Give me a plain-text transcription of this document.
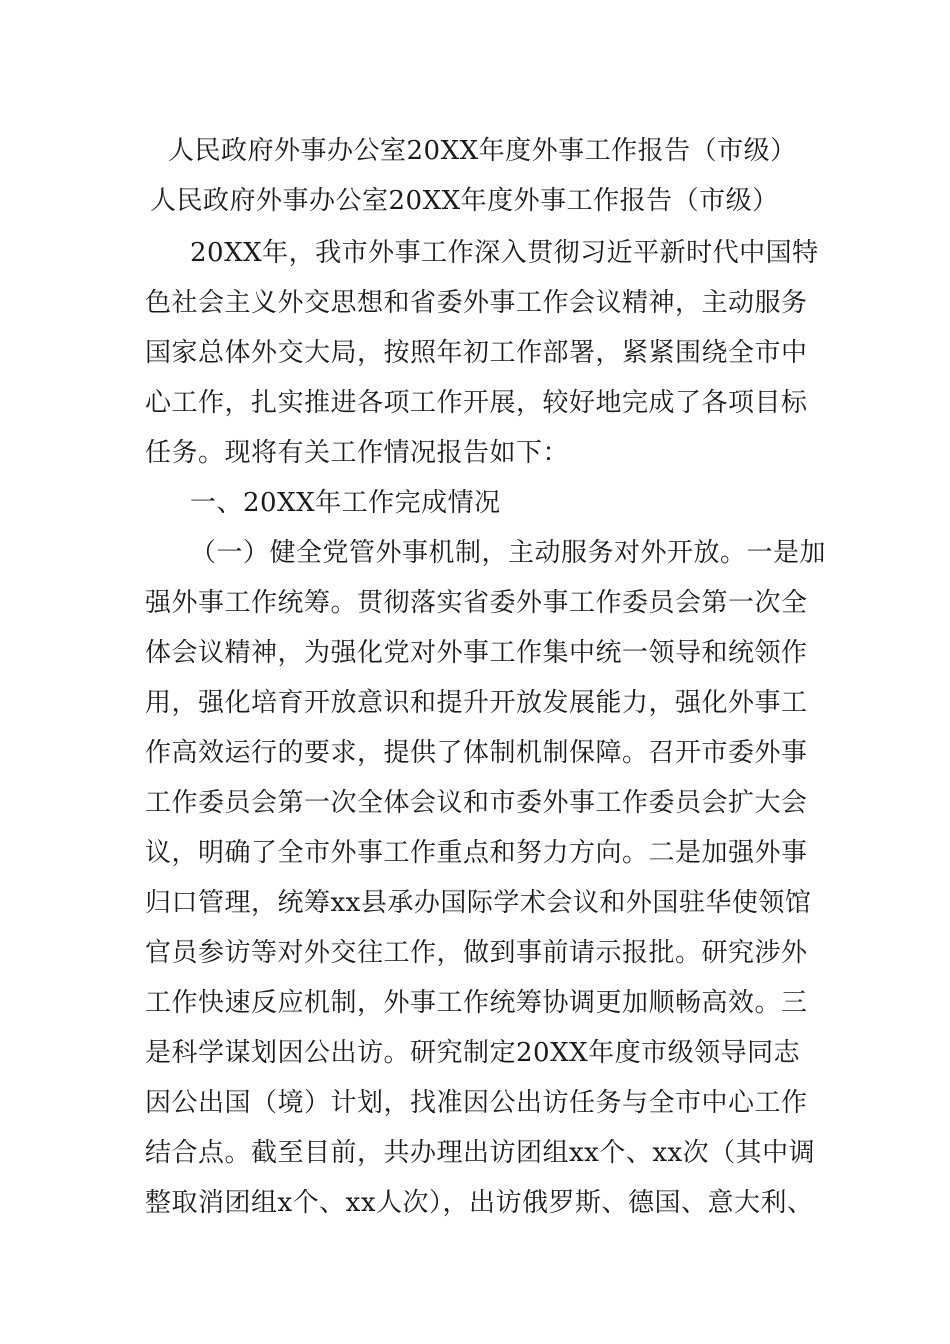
人民政府外事办公室20XX年度外事工作报告（市级）
人民政府外事办公室20XX年度外事工作报告（市级）
20XX年，我市外事工作深入贯彻习近平新时代中国特
色社会主义外交思想和省委外事工作会议精神，主动服务
国家总体外交大局，按照年初工作部署，紧紧围绕全市中
心工作，扎实推进各项工作开展，较好地完成了各项目标
任务。现将有关工作情况报告如下：
一、20XX年工作完成情况
（一）健全党管外事机制，主动服务对外开放。一是加
强外事工作统筹。贯彻落实省委外事工作委员会第一次全
体会议精神，为强化党对外事工作集中统一领导和统领作
用，强化培育开放意识和提升开放发展能力，强化外事工
作高效运行的要求，提供了体制机制保障。召开市委外事
工作委员会第一次全体会议和市委外事工作委员会扩大会
议，明确了全市外事工作重点和努力方向。二是加强外事
归口管理，统筹xx县承办国际学术会议和外国驻华使领馆
官员参访等对外交往工作，做到事前请示报批。研究涉外
工作快速反应机制，外事工作统筹协调更加顺畅高效。三
是科学谋划因公出访。研究制定20XX年度市级领导同志
因公出国（境）计划，找准因公出访任务与全市中心工作
结合点。截至目前，共办理出访团组xx个、xx次（其中调
整取消团组x个、xx人次），出访俄罗斯、德国、意大利、
